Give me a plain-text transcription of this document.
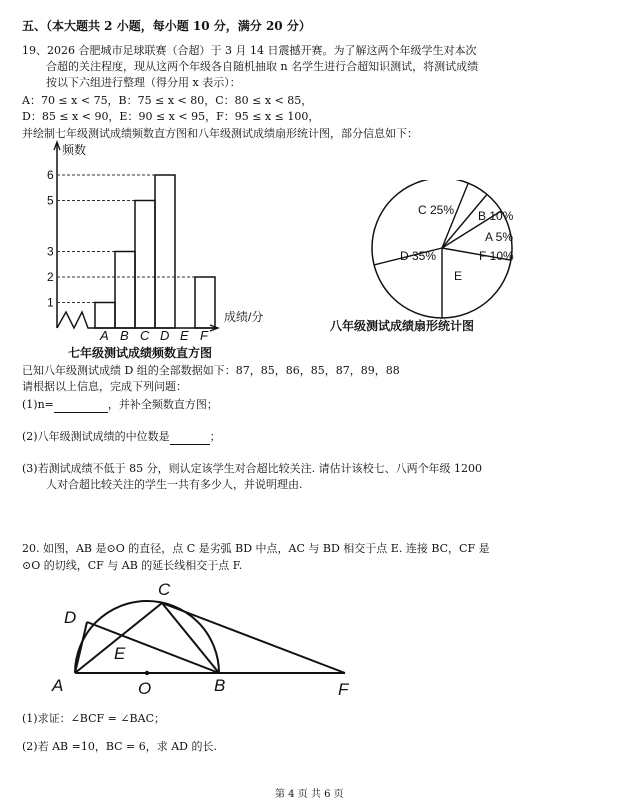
五、（本大题共 2 小题，每小题 10 分，满分 20 分）
19、2026 合肥城市足球联赛（合超）于 3 月 14 日震撼开赛。为了解这两个年级学生对本次
合超的关注程度，现从这两个年级各自随机抽取 n 名学生进行合超知识测试，将测试成绩
按以下六组进行整理（得分用 x 表示）：
A：70 ≤ x < 75，B：75 ≤ x < 80，C：80 ≤ x < 85，
D：85 ≤ x < 90，E：90 ≤ x < 95，F：95 ≤ x ≤ 100，
并绘制七年级测试成绩频数直方图和八年级测试成绩扇形统计图，部分信息如下：
频数
1
2
3
5
6
A B C D E F
成绩/分
七年级测试成绩频数直方图
C 25% B 10%
A 5%
F 10%
E
D 35%
八年级测试成绩扇形统计图
已知八年级测试成绩 D 组的全部数据如下：87，85，86，85，87，89，88
请根据以上信息，完成下列问题：
(1)n=	，并补全频数直方图；
(2)八年级测试成绩的中位数是	；
(3)若测试成绩不低于 85 分，则认定该学生对合超比较关注. 请估计该校七、八两个年级 1200
人对合超比较关注的学生一共有多少人，并说明理由.
20. 如图，AB 是⊙O 的直径，点 C 是劣弧 BD 中点，AC 与 BD 相交于点 E. 连接 BC，CF 是
⊙O 的切线，CF 与 AB 的延长线相交于点 F.
A	O	B	F
C
D
E
(1)求证：∠BCF = ∠BAC；
(2)若 AB =10，BC = 6，求 AD 的长.
第 4 页 共 6 页
